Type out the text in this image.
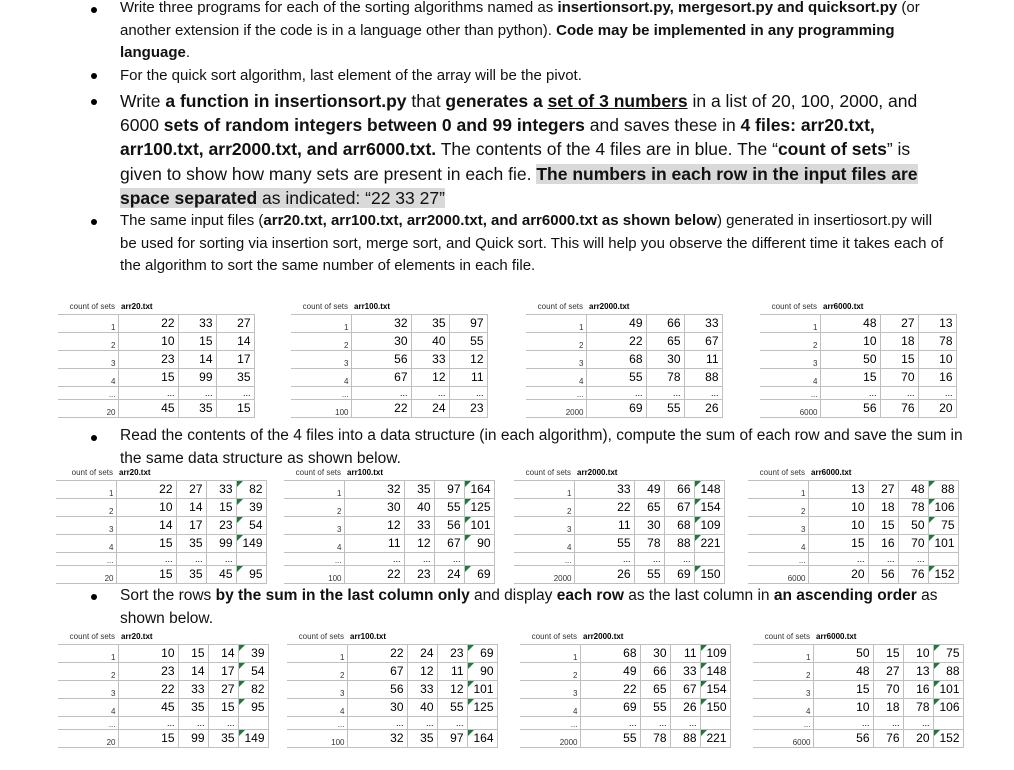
Write three programs for each of the sorting algorithms named as insertionsort.py, mergesort.py and quicksort.py (or another extension if the code is in a language other than python). Code may be implemented in any programming language.
For the quick sort algorithm, last element of the array will be the pivot.
Write a function in insertionsort.py that generates a set of 3 numbers in a list of 20, 100, 2000, and 6000 sets of random integers between 0 and 99 integers and saves these in 4 files: arr20.txt, arr100.txt, arr2000.txt, and arr6000.txt. The contents of the 4 files are in blue. The “count of sets” is given to show how many sets are present in each fie. The numbers in each row in the input files are space separated as indicated: “22 33 27”
The same input files (arr20.txt, arr100.txt, arr2000.txt, and arr6000.txt as shown below) generated in insertiosort.py will be used for sorting via insertion sort, merge sort, and Quick sort. This will help you observe the different time it takes each of the algorithm to sort the same number of elements in each file.
count of sets	arr20.txt		
1	22	33	27
2	10	15	14
3	23	14	17
4	15	99	35
...	...	...	...
20	45	35	15
count of sets	arr100.txt		
1	32	35	97
2	30	40	55
3	56	33	12
4	67	12	11
...	...	...	...
100	22	24	23
count of sets	arr2000.txt		
1	49	66	33
2	22	65	67
3	68	30	11
4	55	78	88
...	...	...	...
2000	69	55	26
count of sets	arr6000.txt		
1	48	27	13
2	10	18	78
3	50	15	10
4	15	70	16
...	...	...	...
6000	56	76	20
Read the contents of the 4 files into a data structure (in each algorithm), compute the sum of each row and save the sum in the same data structure as shown below.
ount of sets	arr20.txt			
1	22	27	33	82
2	10	14	15	39
3	14	17	23	54
4	15	35	99	149
...	...	...	...	
20	15	35	45	95
count of sets	arr100.txt			
1	32	35	97	164
2	30	40	55	125
3	12	33	56	101
4	11	12	67	90
...	...	...	...	
100	22	23	24	69
count of sets	arr2000.txt			
1	33	49	66	148
2	22	65	67	154
3	11	30	68	109
4	55	78	88	221
...	...	...	...	
2000	26	55	69	150
count of sets	arr6000.txt			
1	13	27	48	88
2	10	18	78	106
3	10	15	50	75
4	15	16	70	101
...	...	...	...	
6000	20	56	76	152
Sort the rows by the sum in the last column only and display each row as the last column in an ascending order as shown below.
count of sets	arr20.txt			
1	10	15	14	39
2	23	14	17	54
3	22	33	27	82
4	45	35	15	95
...	...	...	...	
20	15	99	35	149
count of sets	arr100.txt			
1	22	24	23	69
2	67	12	11	90
3	56	33	12	101
4	30	40	55	125
...	...	...	...	
100	32	35	97	164
count of sets	arr2000.txt			
1	68	30	11	109
2	49	66	33	148
3	22	65	67	154
4	69	55	26	150
...	...	...	...	
2000	55	78	88	221
count of sets	arr6000.txt			
1	50	15	10	75
2	48	27	13	88
3	15	70	16	101
4	10	18	78	106
...	...	...	...	
6000	56	76	20	152
